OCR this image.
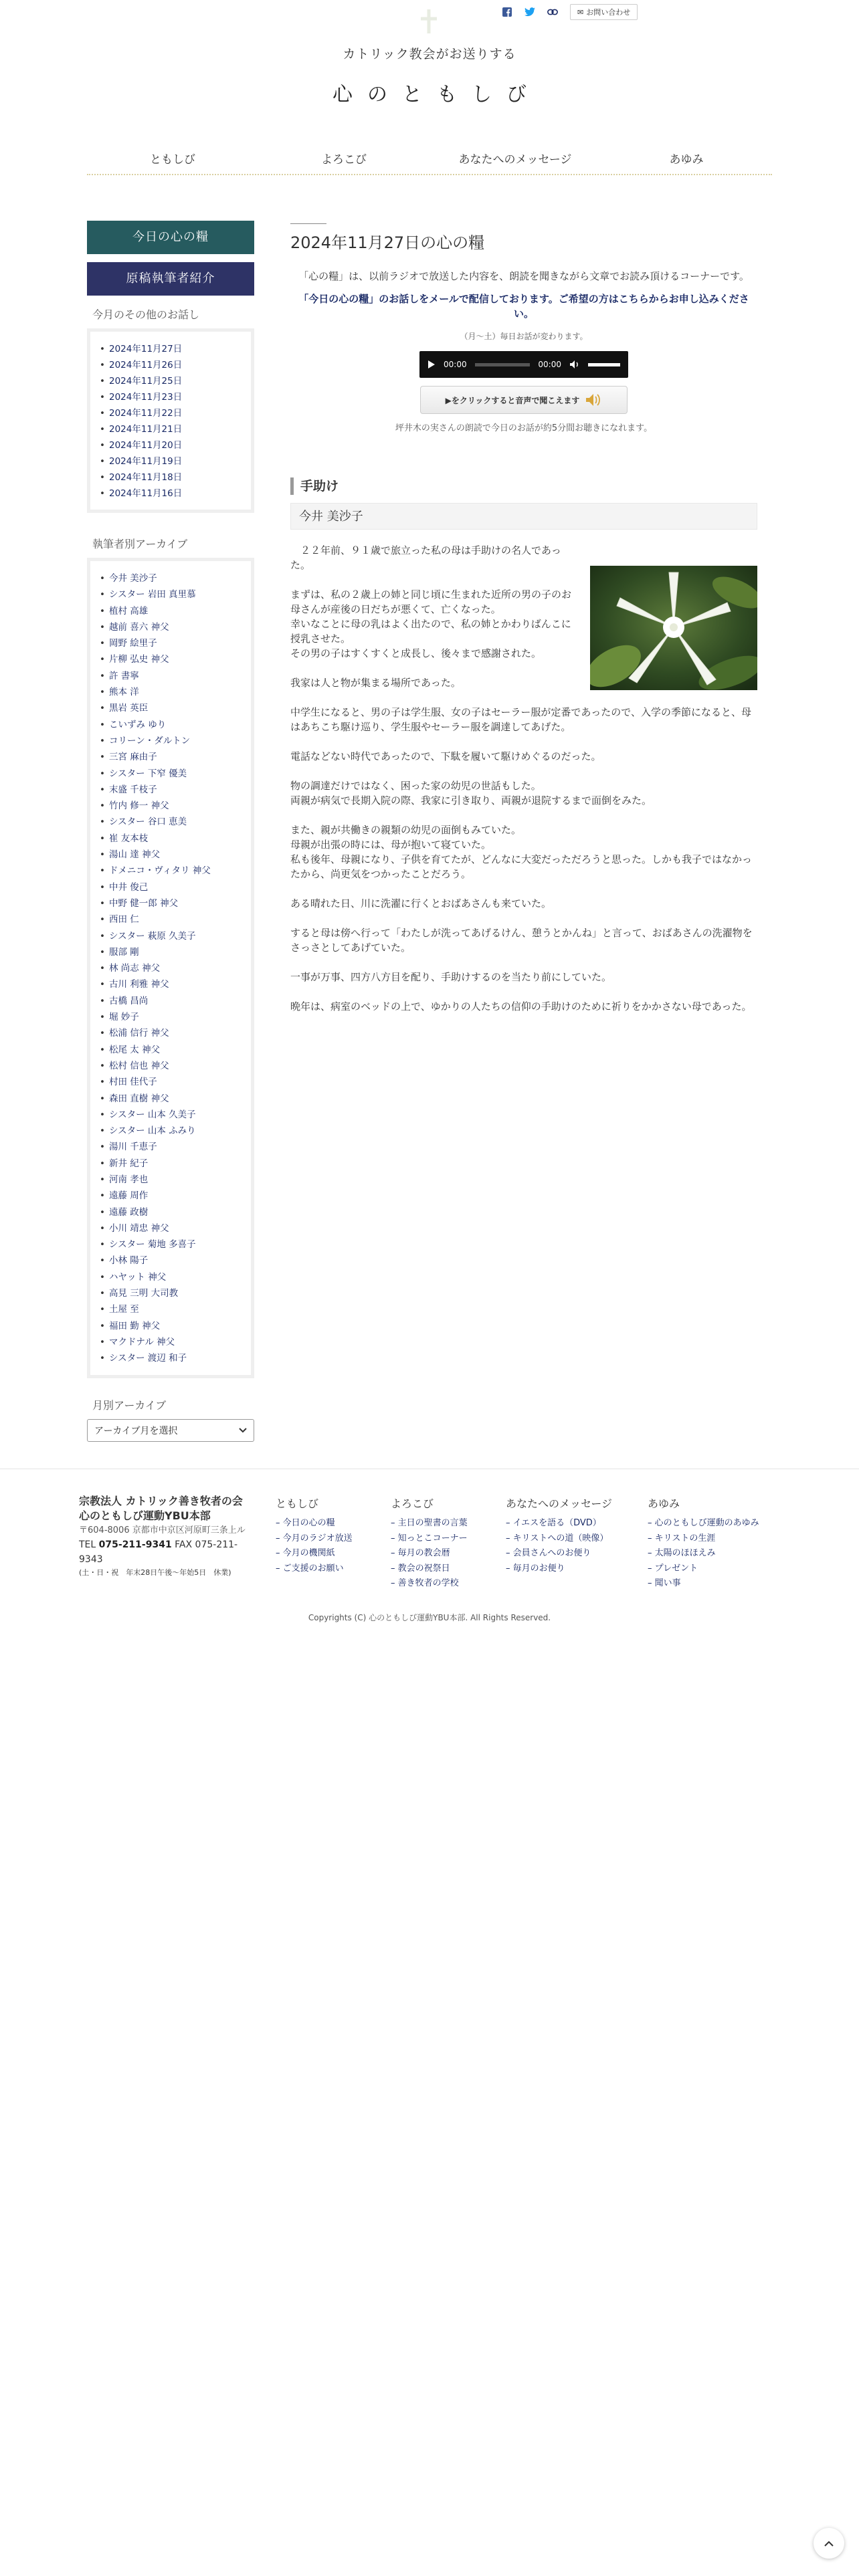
✉ お問い合わせ
カトリック教会がお送りする
心のともしび
ともしび	よろこび	あなたへのメッセージ	あゆみ
今日の心の糧
原稿執筆者紹介
今月のその他のお話し
• 2024年11月27日
• 2024年11月26日
• 2024年11月25日
• 2024年11月23日
• 2024年11月22日
• 2024年11月21日
• 2024年11月20日
• 2024年11月19日
• 2024年11月18日
• 2024年11月16日
執筆者別アーカイブ
• 今井 美沙子
• シスター 岩田 真里慕
• 植村 高雄
• 越前 喜六 神父
• 岡野 絵里子
• 片柳 弘史 神父
• 許 書寧
• 熊本 洋
• 黒岩 英臣
• こいずみ ゆり
• コリーン・ダルトン
• 三宮 麻由子
• シスター 下窄 優美
• 末盛 千枝子
• 竹内 修一 神父
• シスター 谷口 恵美
• 崔 友本枝
• 湯山 達 神父
• ドメニコ・ヴィタリ 神父
• 中井 俊己
• 中野 健一郎 神父
• 西田 仁
• シスター 萩原 久美子
• 服部 剛
• 林 尚志 神父
• 古川 利雅 神父
• 古橋 昌尚
• 堀 妙子
• 松浦 信行 神父
• 松尾 太 神父
• 松村 信也 神父
• 村田 佳代子
• 森田 直樹 神父
• シスター 山本 久美子
• シスター 山本 ふみり
• 湯川 千恵子
• 新井 紀子
• 河南 孝也
• 遠藤 周作
• 遠藤 政樹
• 小川 靖忠 神父
• シスター 菊地 多喜子
• 小林 陽子
• ハヤット 神父
• 高見 三明 大司教
• 土屋 至
• 福田 勤 神父
• マクドナル 神父
• シスター 渡辺 和子
月別アーカイブ
アーカイブ月を選択
2024年11月27日の心の糧

「心の糧」は、以前ラジオで放送した内容を、朗読を聞きながら文章でお読み頂けるコーナーです。

「今日の心の糧」のお話しをメールで配信しております。ご希望の方はこちらからお申し込みください。

（月〜土）毎日お話が変わります。

00:00	00:00
▶をクリックすると音声で聞こえます

坪井木の実さんの朗読で今日のお話が約5分間お聴きになれます。

手助け
今井 美沙子

２２年前、９１歳で旅立った私の母は手助けの名人であった。

まずは、私の２歳上の姉と同じ頃に生まれた近所の男の子のお母さんが産後の日だちが悪くて、亡くなった。
幸いなことに母の乳はよく出たので、私の姉とかわりばんこに授乳させた。
その男の子はすくすくと成長し、後々まで感謝された。

我家は人と物が集まる場所であった。

中学生になると、男の子は学生服、女の子はセーラー服が定番であったので、入学の季節になると、母はあちこち駆け巡り、学生服やセーラー服を調達してあげた。

電話などない時代であったので、下駄を履いて駆けめぐるのだった。

物の調達だけではなく、困った家の幼児の世話もした。
両親が病気で長期入院の際、我家に引き取り、両親が退院するまで面倒をみた。

また、親が共働きの親類の幼児の面倒もみていた。
母親が出張の時には、母が抱いて寝ていた。
私も後年、母親になり、子供を育てたが、どんなに大変だっただろうと思った。しかも我子ではなかったから、尚更気をつかったことだろう。

ある晴れた日、川に洗濯に行くとおばあさんも来ていた。

すると母は傍へ行って「わたしが洗ってあげるけん、憩うとかんね」と言って、おばあさんの洗濯物をさっさとしてあげていた。

一事が万事、四方八方目を配り、手助けするのを当たり前にしていた。

晩年は、病室のベッドの上で、ゆかりの人たちの信仰の手助けのために祈りをかかさない母であった。

宗教法人 カトリック善き牧者の会
心のともしび運動YBU本部
〒604-8006 京都市中京区河原町三条上ル
TEL 075-211-9341 FAX 075-211-9343
(土・日・祝　年末28日午後〜年始5日　休業)
ともしび
– 今日の心の糧
– 今月のラジオ放送
– 今月の機関紙
– ご支援のお願い
よろこび
– 主日の聖書の言葉
– 知っとこコーナー
– 毎月の教会暦
– 教会の祝祭日
– 善き牧者の学校
あなたへのメッセージ
– イエスを語る（DVD）
– キリストへの道（映像）
– 会員さんへのお便り
– 毎月のお便り
あゆみ
– 心のともしび運動のあゆみ
– キリストの生涯
– 太陽のほほえみ
– プレゼント
– 聞い事
Copyrights (C) 心のともしび運動YBU本部. All Rights Reserved.
